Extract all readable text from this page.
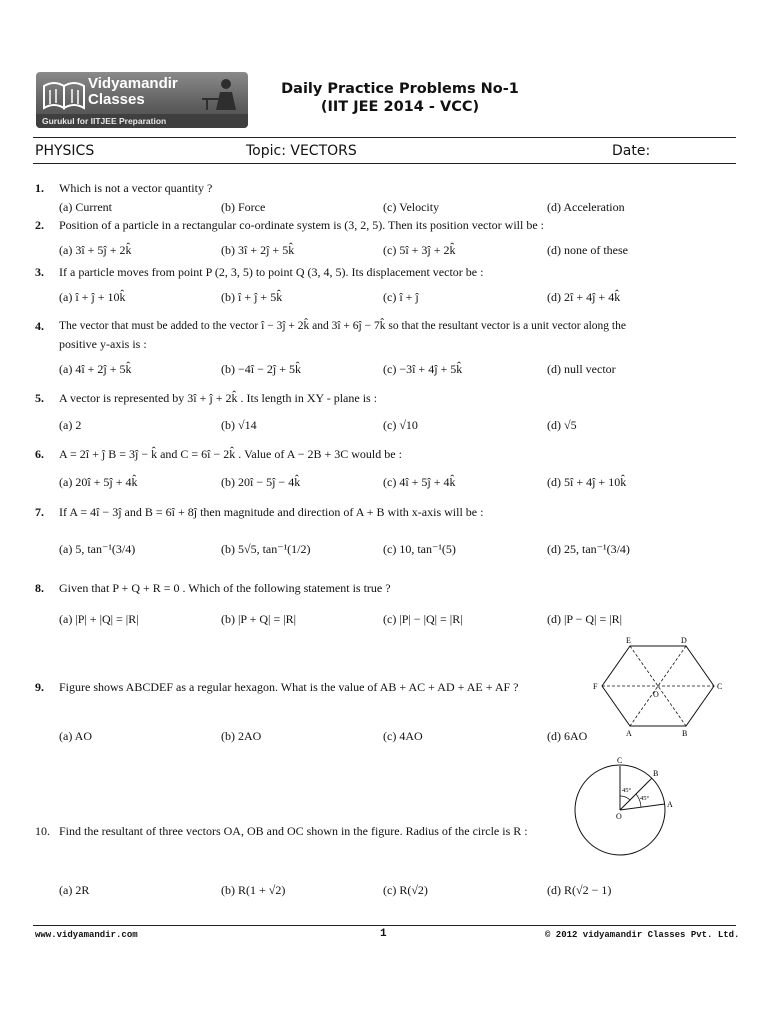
Vidyamandir
Classes
Gurukul for IITJEE Preparation
Daily Practice Problems No-1
(IIT JEE 2014 - VCC)
PHYSICS	Topic: VECTORS	Date:
1. Which is not a vector quantity ?
(a) Current	(b) Force	(c) Velocity	(d) Acceleration
2. Position of a particle in a rectangular co-ordinate system is (3, 2, 5). Then its position vector will be :
(a) 3î + 5ĵ + 2k̂	(b) 3î + 2ĵ + 5k̂	(c) 5î + 3ĵ + 2k̂	(d) none of these
3. If a particle moves from point P (2, 3, 5) to point Q (3, 4, 5). Its displacement vector be :
(a) î + ĵ + 10k̂	(b) î + ĵ + 5k̂	(c) î + ĵ	(d) 2î + 4ĵ + 4k̂
4. The vector that must be added to the vector î − 3ĵ + 2k̂ and 3î + 6ĵ − 7k̂ so that the resultant vector is a unit vector along the
positive y-axis is :
(a) 4î + 2ĵ + 5k̂	(b) −4î − 2ĵ + 5k̂	(c) −3î + 4ĵ + 5k̂	(d) null vector
5. A vector is represented by 3î + ĵ + 2k̂ . Its length in XY - plane is :
(a) 2	(b) √14	(c) √10	(d) √5
6. A = 2î + ĵ B = 3ĵ − k̂ and C = 6î − 2k̂ . Value of A − 2B + 3C would be :
(a) 20î + 5ĵ + 4k̂	(b) 20î − 5ĵ − 4k̂	(c) 4î + 5ĵ + 4k̂	(d) 5î + 4ĵ + 10k̂
7. If A = 4î − 3ĵ and B = 6î + 8ĵ then magnitude and direction of A + B with x-axis will be :
(a) 5, tan⁻¹(3/4)	(b) 5√5, tan⁻¹(1/2)	(c) 10, tan⁻¹(5)	(d) 25, tan⁻¹(3/4)
8. Given that P + Q + R = 0 . Which of the following statement is true ?
(a) |P| + |Q| = |R|	(b) |P + Q| = |R|	(c) |P| − |Q| = |R|	(d) |P − Q| = |R|
9. Figure shows ABCDEF as a regular hexagon. What is the value of AB + AC + AD + AE + AF ?
(a) AO	(b) 2AO	(c) 4AO	(d) 6AO
E	D
F	C
O
A	B
10. Find the resultant of three vectors OA, OB and OC shown in the figure. Radius of the circle is R :
(a) 2R	(b) R(1 + √2)	(c) R(√2)	(d) R(√2 − 1)
C
B
A
O
45°
45°
www.vidyamandir.com	1	© 2012 vidyamandir Classes Pvt. Ltd.
